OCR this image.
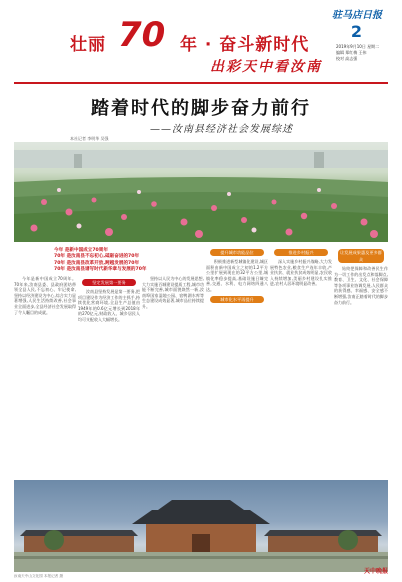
壮丽 70 年 · 奋斗新时代
出彩天中看汝南
驻马店日报
2
2019年9月10日 星期二
编辑 郑红梅 王伟
校对 高志强
踏着时代的脚步奋力前行
——汝南县经济社会发展综述
本社记者 李明华 吴强
今年 是新中国成立70周年
70年 是汝南县不忘初心,砥砺奋进的70年
70年 是汝南县改革开放,跨越发展的70年
70年 是汝南县谱写时代新华章与发展的70年

今年是新中国成立70周年。70年来,汝南县委、县政府团结带领全县人民,不忘初心、牢记使命,坚持以经济建设为中心,综合实力显著增强,人民生活持续改善,社会事业全面进步,全县经济社会发展取得了令人瞩目的成就。

坚定发展第一要务

汝南县坚持发展是第一要务,把项目建设作为经济工作的主抓手,持续优化营商环境,全县生产总值由1949年的0.6亿元增长到2018年的270亿元,财政收入、城乡居民人均可支配收入大幅增长。

坚持以人民为中心的发展思想,大力实施百城建设提质工程,城市功能不断完善,城市面貌焕然一新,汝南埠国家湿地公园、宿鸭湖水库等生态建设成效显著,城市品位持续提升。

提升城市功能品位

积极推进新型城镇化建设,城区面积由新中国成立之初的1.2平方公里扩展到现在的32平方公里,城镇化率稳步提高,基础设施日臻完善,交通、水利、电力网络四通八达。

城市化水平再提升
推进乡村振兴

深入实施乡村振兴战略,大力发展特色农业,粮食生产连年丰收,产业扶贫、就业扶贫成效明显,农民收入持续增加,美丽乡村建设扎实推进,农村人居环境明显改善。

让发展成果惠及更多群众

始终把保障和改善民生作为一切工作的出发点和落脚点,教育、卫生、文化、社会保障等各项事业协调发展,人民群众的获得感、幸福感、安全感不断增强,汝南正踏着时代的脚步奋力前行。

汝南天中山文化园 本报记者 摄
天中晚报
